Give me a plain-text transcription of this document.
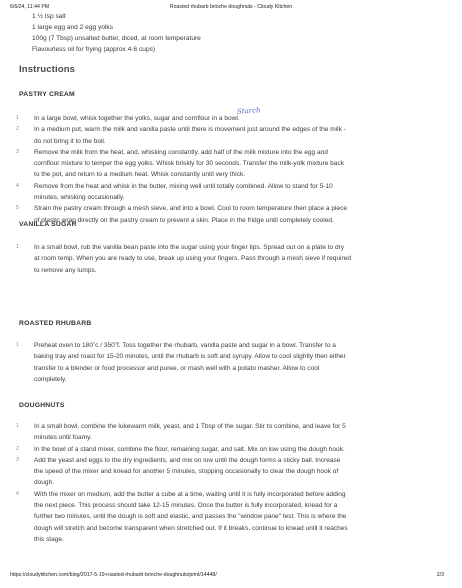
6/6/24, 11:44 PM	Roasted rhubarb brioche doughnuts - Cloudy Kitchen
1 ½ tsp salt
1 large egg and 2 egg yolks
100g (7 Tbsp) unsalted butter, diced, at room temperature
Flavourless oil for frying (approx 4-6 cups)
Instructions
Starch
PASTRY CREAM
1	In a large bowl, whisk together the yolks, sugar and cornflour in a bowl.
2	In a medium pot, warm the milk and vanilla paste until there is movement just around the edges of the milk -
do not bring it to the boil.
3	Remove the milk from the heat, and, whisking constantly, add half of the milk mixture into the egg and
cornflour mixture to temper the egg yolks. Whisk briskly for 30 seconds. Transfer the milk-yolk mixture back
to the pot, and return to a medium heat. Whisk constantly until very thick.
4	Remove from the heat and whisk in the butter, mixing well until totally combined. Allow to stand for 5-10
minutes, whisking occasionally.
5	Strain the pastry cream through a mesh sieve, and into a bowl. Cool to room temperature then place a piece
of plastic wrap directly on the pastry cream to prevent a skin. Place in the fridge until completely cooled.
VANILLA SUGAR
1	In a small bowl, rub the vanilla bean paste into the sugar using your finger tips. Spread out on a plate to dry
at room temp. When you are ready to use, break up using your fingers. Pass through a mesh sieve if required
to remove any lumps.
ROASTED RHUBARB
1	Preheat oven to 180˚c / 350˚f. Toss together the rhubarb, vanilla paste and sugar in a bowl. Transfer to a
baking tray and roast for 15-20 minutes, until the rhubarb is soft and syrupy. Allow to cool slightly then either
transfer to a blender or food processor and puree, or mash well with a potato masher. Allow to cool
completely.
DOUGHNUTS
1	In a small bowl, combine the lukewarm milk, yeast, and 1 Tbsp of the sugar. Stir to combine, and leave for 5
minutes until foamy.
2	In the bowl of a stand mixer, combine the flour, remaining sugar, and salt. Mix on low using the dough hook.
3	Add the yeast and eggs to the dry ingredients, and mix on low until the dough forms a sticky ball. Increase
the speed of the mixer and knead for another 5 minutes, stopping occasionally to clear the dough hook of
dough.
4	With the mixer on medium, add the butter a cube at a time, waiting until it is fully incorporated before adding
the next piece. This process should take 12-15 minutes. Once the butter is fully incorporated, knead for a
further two minutes, until the dough is soft and elastic, and passes the "window pane" test. This is where the
dough will stretch and become transparent when stretched out. If it breaks, continue to knead until it reaches
this stage.
https://cloudykitchen.com/blog/2017-5-19-roasted-rhubarb-brioche-doughnuts/print/14448/	2/3
